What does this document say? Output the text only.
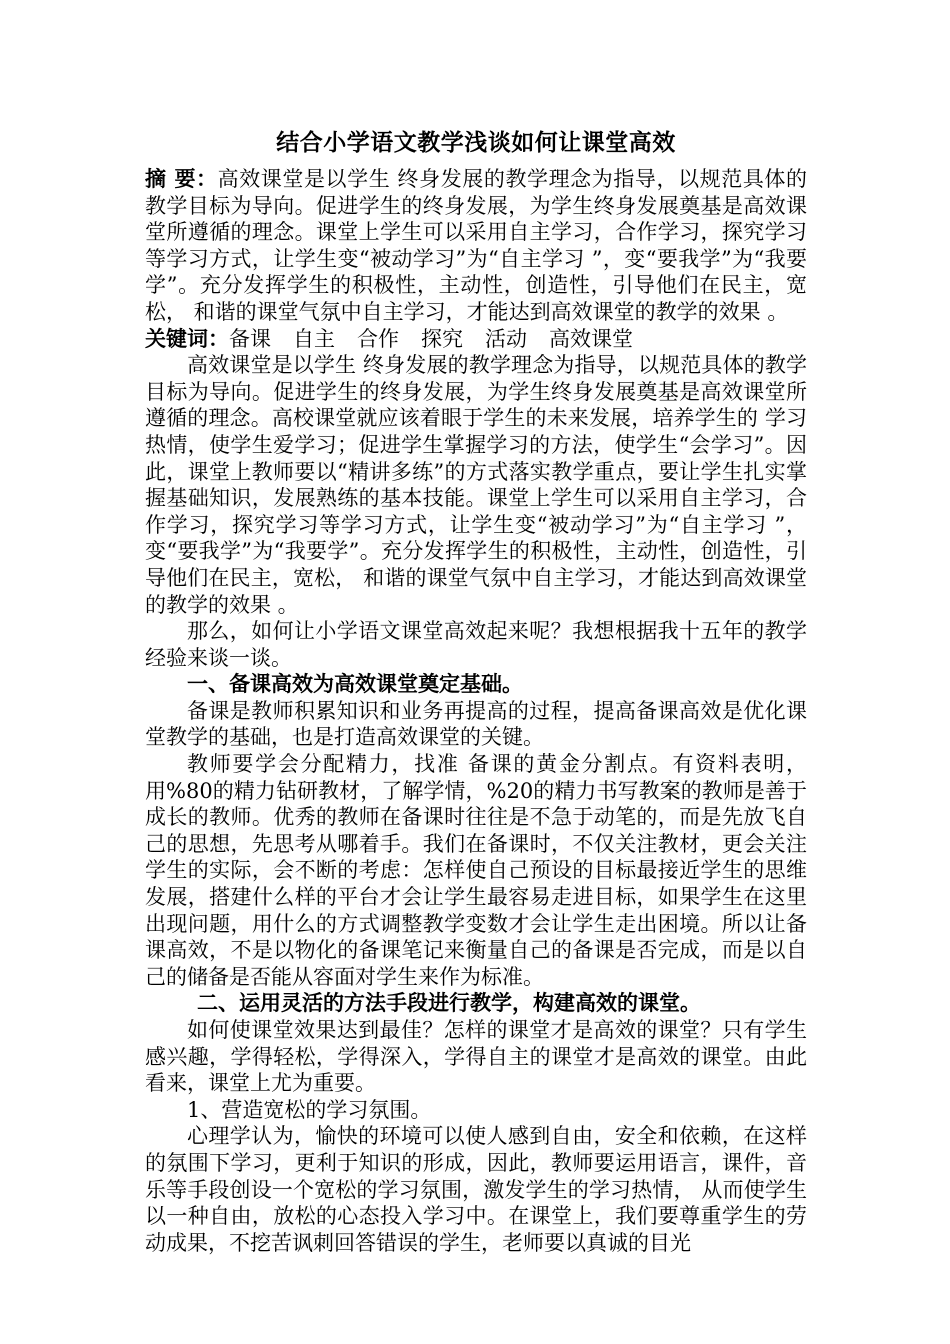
结合小学语文教学浅谈如何让课堂高效

摘 要：高效课堂是以学生 终身发展的教学理念为指导，以规范具体的教学目标为导向。促进学生的终身发展，为学生终身发展奠基是高效课堂所遵循的理念。课堂上学生可以采用自主学习，合作学习，探究学习等学习方式，让学生变“被动学习”为“自主学习 ”，变“要我学”为“我要学”。充分发挥学生的积极性，主动性，创造性，引导他们在民主，宽松， 和谐的课堂气氛中自主学习，才能达到高效课堂的教学的效果 。

关键词：备课 自主 合作 探究 活动 高效课堂

高效课堂是以学生 终身发展的教学理念为指导，以规范具体的教学目标为导向。促进学生的终身发展，为学生终身发展奠基是高效课堂所遵循的理念。高校课堂就应该着眼于学生的未来发展，培养学生的 学习热情，使学生爱学习；促进学生掌握学习的方法，使学生“会学习”。因此，课堂上教师要以“精讲多练”的方式落实教学重点，要让学生扎实掌握基础知识，发展熟练的基本技能。课堂上学生可以采用自主学习，合作学习，探究学习等学习方式，让学生变“被动学习”为“自主学习 ”，变“要我学”为“我要学”。充分发挥学生的积极性，主动性，创造性，引导他们在民主，宽松， 和谐的课堂气氛中自主学习，才能达到高效课堂的教学的效果 。

那么，如何让小学语文课堂高效起来呢？我想根据我十五年的教学经验来谈一谈。

一、备课高效为高效课堂奠定基础。

备课是教师积累知识和业务再提高的过程，提高备课高效是优化课堂教学的基础，也是打造高效课堂的关键。

教师要学会分配精力，找准 备课的黄金分割点。有资料表明，用%80的精力钻研教材，了解学情，%20的精力书写教案的教师是善于成长的教师。优秀的教师在备课时往往是不急于动笔的，而是先放飞自己的思想，先思考从哪着手。我们在备课时，不仅关注教材，更会关注学生的实际，会不断的考虑：怎样使自己预设的目标最接近学生的思维发展，搭建什么样的平台才会让学生最容易走进目标，如果学生在这里出现问题，用什么的方式调整教学变数才会让学生走出困境。所以让备课高效，不是以物化的备课笔记来衡量自己的备课是否完成，而是以自己的储备是否能从容面对学生来作为标准。

二、运用灵活的方法手段进行教学，构建高效的课堂。

如何使课堂效果达到最佳？怎样的课堂才是高效的课堂？只有学生感兴趣，学得轻松，学得深入，学得自主的课堂才是高效的课堂。由此看来，课堂上尤为重要。

1、营造宽松的学习氛围。

心理学认为，愉快的环境可以使人感到自由，安全和依赖，在这样的氛围下学习，更利于知识的形成，因此，教师要运用语言，课件，音乐等手段创设一个宽松的学习氛围，激发学生的学习热情， 从而使学生以一种自由，放松的心态投入学习中。在课堂上，我们要尊重学生的劳动成果，不挖苦讽刺回答错误的学生，老师要以真诚的目光
